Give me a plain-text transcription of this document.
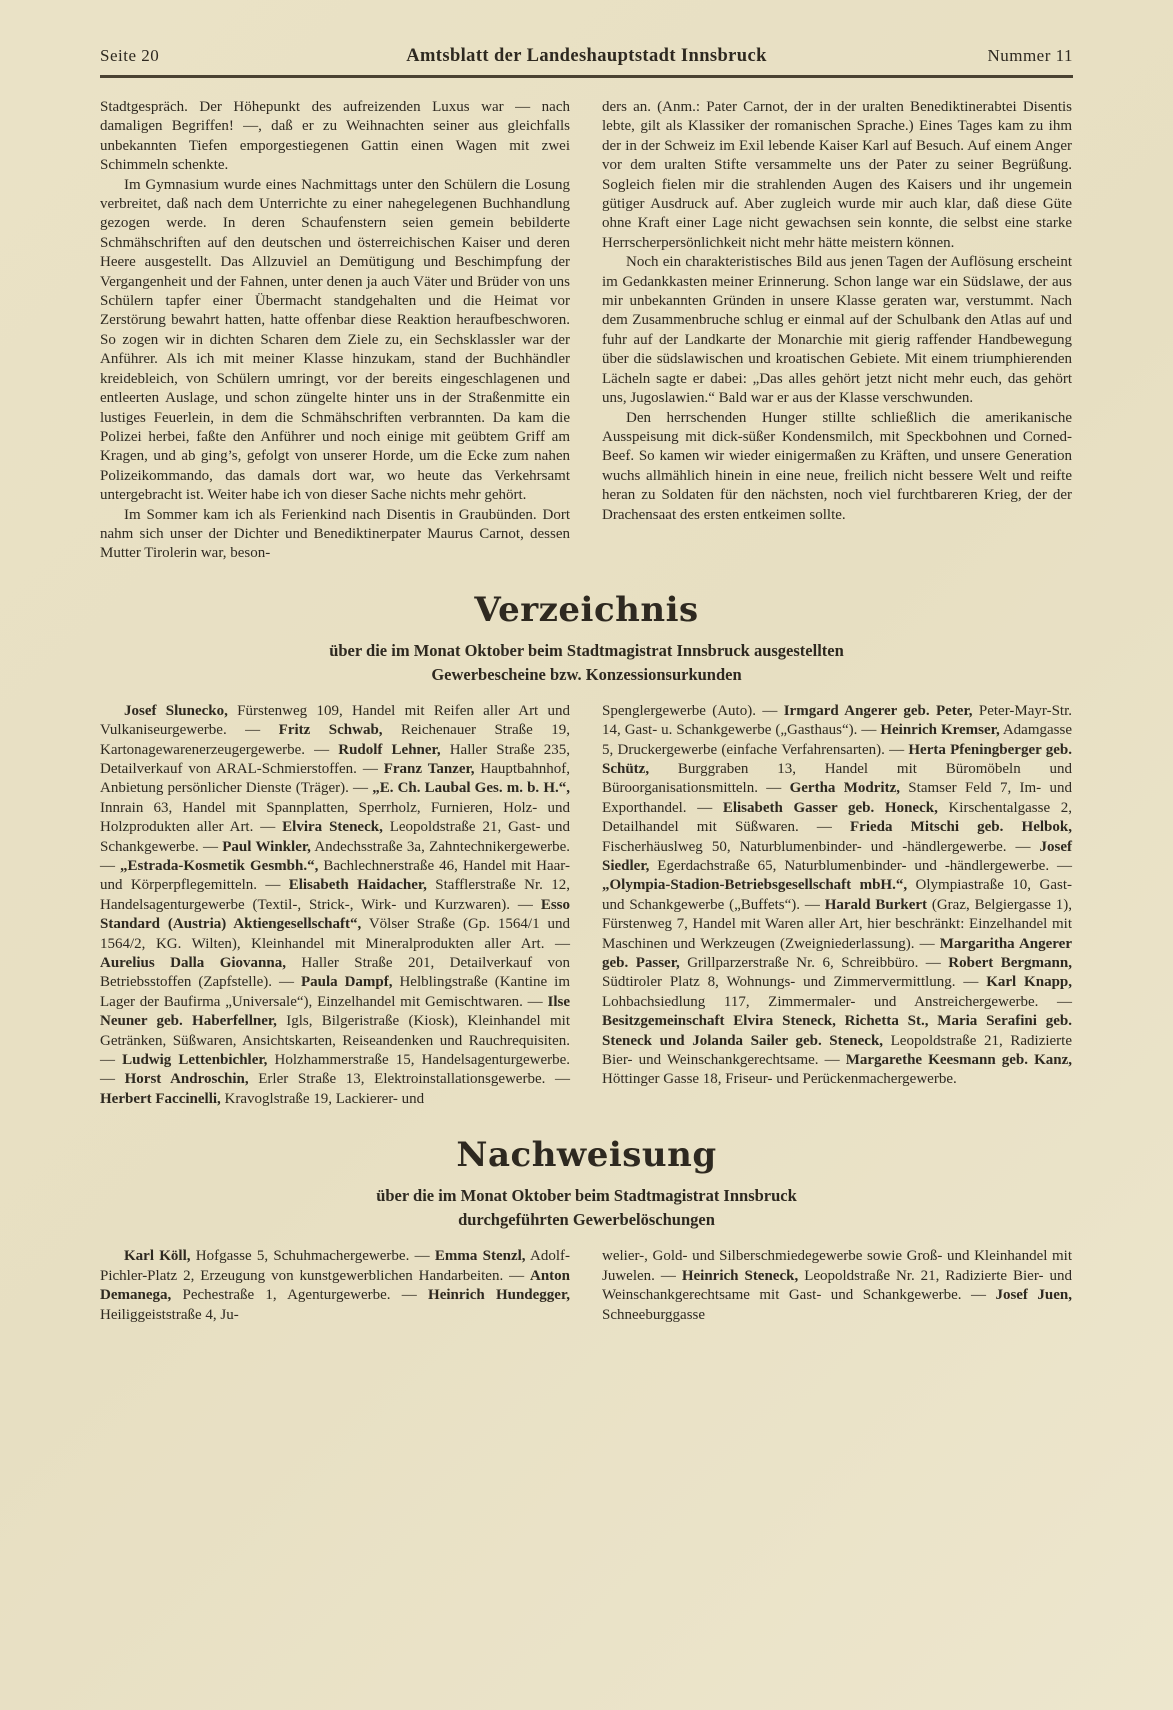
Seite 20	Amtsblatt der Landeshauptstadt Innsbruck	Nummer 11

Stadtgespräch. Der Höhepunkt des aufreizenden Luxus war — nach damaligen Begriffen! —, daß er zu Weihnachten seiner aus gleichfalls unbekannten Tiefen emporgestiegenen Gattin einen Wagen mit zwei Schimmeln schenkte.

Im Gymnasium wurde eines Nachmittags unter den Schülern die Losung verbreitet, daß nach dem Unterrichte zu einer nahegelegenen Buchhandlung gezogen werde. In deren Schaufenstern seien gemein bebilderte Schmähschriften auf den deutschen und österreichischen Kaiser und deren Heere ausgestellt. Das Allzuviel an Demütigung und Beschimpfung der Vergangenheit und der Fahnen, unter denen ja auch Väter und Brüder von uns Schülern tapfer einer Übermacht standgehalten und die Heimat vor Zerstörung bewahrt hatten, hatte offenbar diese Reaktion heraufbeschworen. So zogen wir in dichten Scharen dem Ziele zu, ein Sechsklassler war der Anführer. Als ich mit meiner Klasse hinzukam, stand der Buchhändler kreidebleich, von Schülern umringt, vor der bereits eingeschlagenen und entleerten Auslage, und schon züngelte hinter uns in der Straßenmitte ein lustiges Feuerlein, in dem die Schmähschriften verbrannten. Da kam die Polizei herbei, faßte den Anführer und noch einige mit geübtem Griff am Kragen, und ab ging’s, gefolgt von unserer Horde, um die Ecke zum nahen Polizeikommando, das damals dort war, wo heute das Verkehrsamt untergebracht ist. Weiter habe ich von dieser Sache nichts mehr gehört.

Im Sommer kam ich als Ferienkind nach Disentis in Graubünden. Dort nahm sich unser der Dichter und Benediktinerpater Maurus Carnot, dessen Mutter Tirolerin war, beson-

ders an. (Anm.: Pater Carnot, der in der uralten Benediktinerabtei Disentis lebte, gilt als Klassiker der romanischen Sprache.) Eines Tages kam zu ihm der in der Schweiz im Exil lebende Kaiser Karl auf Besuch. Auf einem Anger vor dem uralten Stifte versammelte uns der Pater zu seiner Begrüßung. Sogleich fielen mir die strahlenden Augen des Kaisers und ihr ungemein gütiger Ausdruck auf. Aber zugleich wurde mir auch klar, daß diese Güte ohne Kraft einer Lage nicht gewachsen sein konnte, die selbst eine starke Herrscherpersönlichkeit nicht mehr hätte meistern können.

Noch ein charakteristisches Bild aus jenen Tagen der Auflösung erscheint im Gedankkasten meiner Erinnerung. Schon lange war ein Südslawe, der aus mir unbekannten Gründen in unsere Klasse geraten war, verstummt. Nach dem Zusammenbruche schlug er einmal auf der Schulbank den Atlas auf und fuhr auf der Landkarte der Monarchie mit gierig raffender Handbewegung über die südslawischen und kroatischen Gebiete. Mit einem triumphierenden Lächeln sagte er dabei: „Das alles gehört jetzt nicht mehr euch, das gehört uns, Jugoslawien.“ Bald war er aus der Klasse verschwunden.

Den herrschenden Hunger stillte schließlich die amerikanische Ausspeisung mit dick-süßer Kondensmilch, mit Speckbohnen und Corned-Beef. So kamen wir wieder einigermaßen zu Kräften, und unsere Generation wuchs allmählich hinein in eine neue, freilich nicht bessere Welt und reifte heran zu Soldaten für den nächsten, noch viel furchtbareren Krieg, der der Drachensaat des ersten entkeimen sollte.

Verzeichnis

über die im Monat Oktober beim Stadtmagistrat Innsbruck ausgestellten
Gewerbescheine bzw. Konzessionsurkunden

Josef Slunecko, Fürstenweg 109, Handel mit Reifen aller Art und Vulkaniseurgewerbe. — Fritz Schwab, Reichenauer Straße 19, Kartonagewarenerzeugergewerbe. — Rudolf Lehner, Haller Straße 235, Detailverkauf von ARAL-Schmierstoffen. — Franz Tanzer, Hauptbahnhof, Anbietung persönlicher Dienste (Träger). — „E. Ch. Laubal Ges. m. b. H.“, Innrain 63, Handel mit Spannplatten, Sperrholz, Furnieren, Holz- und Holzprodukten aller Art. — Elvira Steneck, Leopoldstraße 21, Gast- und Schankgewerbe. — Paul Winkler, Andechsstraße 3a, Zahntechnikergewerbe. — „Estrada-Kosmetik Gesmbh.“, Bachlechnerstraße 46, Handel mit Haar- und Körperpflegemitteln. — Elisabeth Haidacher, Stafflerstraße Nr. 12, Handelsagenturgewerbe (Textil-, Strick-, Wirk- und Kurzwaren). — Esso Standard (Austria) Aktiengesellschaft“, Völser Straße (Gp. 1564/1 und 1564/2, KG. Wilten), Kleinhandel mit Mineralprodukten aller Art. — Aurelius Dalla Giovanna, Haller Straße 201, Detailverkauf von Betriebsstoffen (Zapfstelle). — Paula Dampf, Helblingstraße (Kantine im Lager der Baufirma „Universale“), Einzelhandel mit Gemischtwaren. — Ilse Neuner geb. Haberfellner, Igls, Bilgeristraße (Kiosk), Kleinhandel mit Getränken, Süßwaren, Ansichtskarten, Reiseandenken und Rauchrequisiten. — Ludwig Lettenbichler, Holzhammerstraße 15, Handelsagenturgewerbe. — Horst Androschin, Erler Straße 13, Elektroinstallationsgewerbe. — Herbert Faccinelli, Kravoglstraße 19, Lackierer- und

Spenglergewerbe (Auto). — Irmgard Angerer geb. Peter, Peter-Mayr-Str. 14, Gast- u. Schankgewerbe („Gasthaus“). — Heinrich Kremser, Adamgasse 5, Druckergewerbe (einfache Verfahrensarten). — Herta Pfeningberger geb. Schütz, Burggraben 13, Handel mit Büromöbeln und Büroorganisationsmitteln. — Gertha Modritz, Stamser Feld 7, Im- und Exporthandel. — Elisabeth Gasser geb. Honeck, Kirschentalgasse 2, Detailhandel mit Süßwaren. — Frieda Mitschi geb. Helbok, Fischerhäuslweg 50, Naturblumenbinder- und -händlergewerbe. — Josef Siedler, Egerdachstraße 65, Naturblumenbinder- und -händlergewerbe. — „Olympia-Stadion-Betriebsgesellschaft mbH.“, Olympiastraße 10, Gast- und Schankgewerbe („Buffets“). — Harald Burkert (Graz, Belgiergasse 1), Fürstenweg 7, Handel mit Waren aller Art, hier beschränkt: Einzelhandel mit Maschinen und Werkzeugen (Zweigniederlassung). — Margaritha Angerer geb. Passer, Grillparzerstraße Nr. 6, Schreibbüro. — Robert Bergmann, Südtiroler Platz 8, Wohnungs- und Zimmervermittlung. — Karl Knapp, Lohbachsiedlung 117, Zimmermaler- und Anstreichergewerbe. — Besitzgemeinschaft Elvira Steneck, Richetta St., Maria Serafini geb. Steneck und Jolanda Sailer geb. Steneck, Leopoldstraße 21, Radizierte Bier- und Weinschankgerechtsame. — Margarethe Keesmann geb. Kanz, Höttinger Gasse 18, Friseur- und Perückenmachergewerbe.

Nachweisung

über die im Monat Oktober beim Stadtmagistrat Innsbruck
durchgeführten Gewerbelöschungen

Karl Köll, Hofgasse 5, Schuhmachergewerbe. — Emma Stenzl, Adolf-Pichler-Platz 2, Erzeugung von kunstgewerblichen Handarbeiten. — Anton Demanega, Pechestraße 1, Agenturgewerbe. — Heinrich Hundegger, Heiliggeiststraße 4, Ju-

welier-, Gold- und Silberschmiedegewerbe sowie Groß- und Kleinhandel mit Juwelen. — Heinrich Steneck, Leopoldstraße Nr. 21, Radizierte Bier- und Weinschankgerechtsame mit Gast- und Schankgewerbe. — Josef Juen, Schneeburggasse
